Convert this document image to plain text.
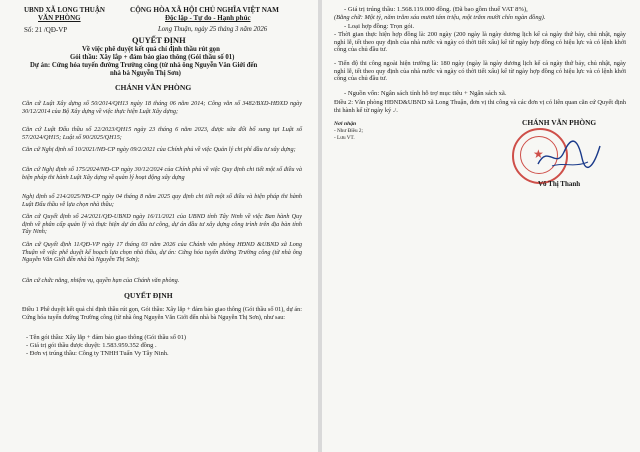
UBND XÃ LONG THUẬN
VĂN PHÒNG
Số: 21 /QĐ-VP
CỘNG HÒA XÃ HỘI CHỦ NGHĨA VIỆT NAM
Độc lập - Tự do - Hạnh phúc
Long Thuận, ngày 25 tháng 3 năm 2026
QUYẾT ĐỊNH
Về việc phê duyệt kết quả chỉ định thầu rút gọn
Gói thầu: Xây lắp + đảm bảo giao thông (Gói thầu số 01)
Dự án: Cứng hóa tuyến đường Trường công (từ nhà ông Nguyễn Văn Giới đến
nhà bà Nguyễn Thị Sơn)
CHÁNH VĂN PHÒNG
Căn cứ Luật Xây dựng số 50/2014/QH13 ngày 18 tháng 06 năm 2014; Công văn số 3482/BXD-HĐXD ngày 30/12/2014 của Bộ Xây dựng về việc thực hiện Luật Xây dựng;
Căn cứ Luật Đấu thầu số 22/2023/QH15 ngày 23 tháng 6 năm 2023, được sửa đổi bổ sung tại Luật số 57/2024/QH15; Luật số 90/2025/QH15;
Căn cứ Nghị định số 10/2021/NĐ-CP ngày 09/2/2021 của Chính phủ về việc Quản lý chi phí đầu tư xây dựng;
Căn cứ Nghị định số 175/2024/NĐ-CP ngày 30/12/2024 của Chính phủ về việc Quy định chi tiết một số điều và biện pháp thi hành Luật Xây dựng về quản lý hoạt động xây dựng
Nghị định số 214/2025/NĐ-CP ngày 04 tháng 8 năm 2025 quy định chi tiết một số điều và biện pháp thi hành Luật Đấu thầu về lựa chọn nhà thầu;
Căn cứ Quyết định số 24/2021/QĐ-UBND ngày 16/11/2021 của UBND tỉnh Tây Ninh về việc Ban hành Quy định về phân cấp quản lý và thực hiện dự án đầu tư công, dự án đầu tư xây dựng công trình trên địa bàn tỉnh Tây Ninh;
Căn cứ Quyết định 11/QĐ-VP ngày 17 tháng 03 năm 2026 của Chánh văn phòng HĐND &UBND xã Long Thuận về việc phê duyệt kế hoạch lựa chọn nhà thầu, dự án: Cứng hóa tuyến đường Trường công (từ nhà ông Nguyễn Văn Giới đến nhà bà Nguyễn Thị Sơn);
Căn cứ chức năng, nhiệm vụ, quyền hạn của Chánh văn phòng.
QUYẾT ĐỊNH
Điều 1 Phê duyệt kết quả chỉ định thầu rút gọn, Gói thầu: Xây lắp + đảm bảo giao thông (Gói thầu số 01), dự án: Cứng hóa tuyến đường Trường công (từ nhà ông Nguyễn Văn Giới đến nhà bà Nguyễn Thị Sơn), như sau:
- Tên gói thầu: Xây lắp + đảm bảo giao thông (Gói thầu số 01)
- Giá trị gói thầu được duyệt: 1.583.959.352 đồng .
- Đơn vị trúng thầu: Công ty TNHH Tuấn Vy Tây Ninh.
- Giá trị trúng thầu: 1.568.119.000 đồng. (Đã bao gồm thuế VAT 8%),
(Bằng chữ: Một tỷ, năm trăm sáu mươi tám triệu, một trăm mười chín ngàn đồng).
- Loại hợp đồng: Trọn gói.
- Thời gian thực hiện hợp đồng là: 200 ngày (200 ngày là ngày dương lịch kể cả ngày thứ bảy, chủ nhật, ngày nghỉ lễ, tết theo quy định của nhà nước và ngày có thời tiết xấu) kể từ ngày hợp đồng có hiệu lực và có lệnh khởi công của chủ đầu tư.
- Tiến độ thi công ngoài hiện trường là: 180 ngày (ngày là ngày dương lịch kể cả ngày thứ bảy, chủ nhật, ngày nghỉ lễ, tết theo quy định của nhà nước và ngày có thời tiết xấu) kể từ ngày hợp đồng có hiệu lực và có lệnh khởi công của chủ đầu tư.
- Nguồn vốn: Ngân sách tỉnh hỗ trợ mục tiêu + Ngân sách xã.
Điều 2: Văn phòng HĐND&UBND xã Long Thuận, đơn vị thi công và các đơn vị có liên quan căn cứ Quyết định thi hành kể từ ngày ký ./.
Nơi nhận
- Như Điều 2;
- Lưu VT.
CHÁNH VĂN PHÒNG
★
Võ Thị Thanh
